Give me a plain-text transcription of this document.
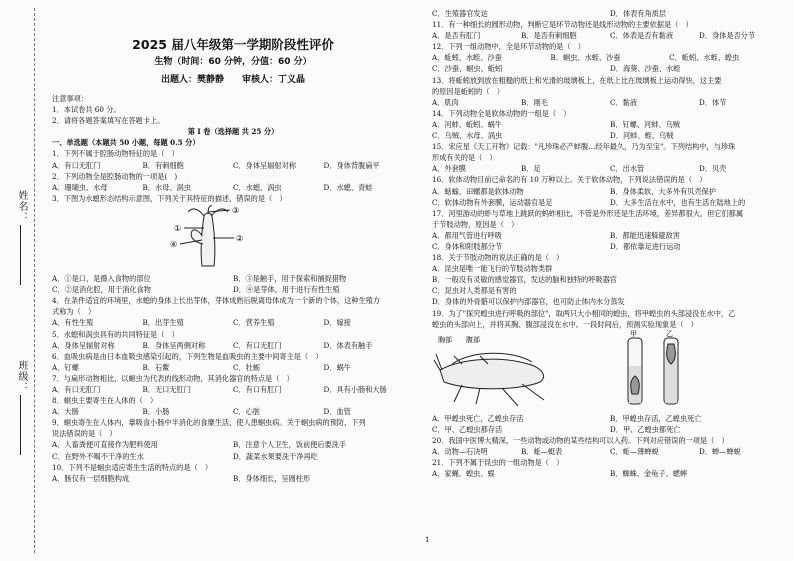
姓名：
班级：
2025 届八年级第一学期阶段性评价
生物（时间：60 分钟，分值：60 分）
出题人：樊静静　　审核人：丁义晶
注意事项：
1．本试卷共 60 分。
2．请将各题答案填写在答题卡上。
第 I 卷（选择题 共 25 分）
一、单选题（本题共 50 小题，每题 0.5 分）
1．下列不属于腔肠动物特征的是（　）
A．有口无肛门	B．有刺细胞	C．身体呈辐射对称	D．身体背腹扁平
2．下列动物全是腔肠动物的一项是(　)
A．珊瑚虫、水母	B．水母、涡虫	C．水螅、涡虫	D．水螅、青蛙
3．下图为水螅形态结构示意图，下列关于其特征的描述，错误的是（　）
①
③
②
④
A．①是口，是摄入食物的部位	B．③是触手，用于探索和捕捉猎物
C．②是消化腔，用于消化食物	D．④是芽体，用于进行有性生殖
4．在条件适宜的环境里，水螅的身体上长出芽体，芽体成熟后脱离母体成为一个新的个体，这种生殖方
式称为（　）
A．有性生殖	B．出芽生殖	C．营养生殖	D．嫁接
5．水螅和涡虫具有的共同特征是（　）
A．身体呈辐射对称	B．身体呈两侧对称	C．有口无肛门	D．体表有触手
6．血吸虫病是由日本血吸虫感染引起的，下列生物是血吸虫的主要中间寄主是（　）
A．钉螺	B．石鳖	C．牡蛎	D．蜗牛
7．与扁形动物相比，以蛔虫为代表的线形动物，其消化器官的特点是（　）
A．有口无肛门	B．无口无肛门	C．有口有肛门	D．具有小肠和大肠
8．蛔虫主要寄生在人体的（　）
A．大肠	B．小肠	C．心脏	D．血管
9．蛔虫寄生在人体内，靠吸食小肠中半消化的食糜生活，使人患蛔虫病。关于蛔虫病的预防，下列
说法错误的是（　）
A．人畜粪便可直接作为肥料使用	B．注意个人卫生，饭前便后要洗手
C．在野外不喝不干净的生水	D．蔬菜水果要洗干净再吃
10．下列不是蛔虫适应寄生生活的特点的是（　）
A．肠仅有一层细胞构成	B．身体细长，呈圆柱形
C．生殖器官发达	D．体表有角质层
11．有一种细长的圆形动物，判断它是环节动物还是线形动物的主要依据是（　）
A．是否有肛门	B．是否有刺细胞	C．体表是否有黏液	D．身体是否分节
12．下列一组动物中，全是环节动物的是（　）
A．蚯蚓、水蛭、沙蚕	B．蛔虫、水蛭、沙蚕	C．蚯蚓、水蛭、蝗虫
C．沙蚕、蛔虫、蚯蚓	D．海葵、沙蚕、水蛭
13．将蚯蚓放到放在粗糙的纸上和光滑的玻璃板上，在纸上比在玻璃板上运动得快，这主要
的原因是蚯蚓的（　）
A．肌肉	B．刚毛	C．黏液	D．体节
14．下列动物全是软体动物的一组是（　）
A．河蚌、蚯蚓、蜗牛	B．钉螺、河蚌、乌贼
C．乌贼、水母、涡虫	D．河蚌、蛭、乌贼
15．宋应星《天工开物》记载："凡珍珠必产蚌腹…经年最久，乃为至宝"。下列结构中，与珍珠
形成有关的是（　）
A．外套膜	B．足	C．出水管	D．贝壳
16．软体动物目前已命名的有 10 万种以上。关于软体动物，下列说法错误的是（　）
A．蛞蝓、田螺都是软体动物	B．身体柔软，大多外有贝壳保护
C．软体动物有外套膜，运动器官是足	D．大多生活在水中，也有生活在陆地上的
17．河里游动的虾与草地上跳跃的蚂蚱相比，不管是外形还是生活环境，差异都很大，但它们都属
于节肢动物，原因是（　）
A．都用气管进行呼吸	B．都能迅速躲避敌害
C．身体和附肢都分节	D．都依靠足进行运动
18．关于节肢动物的说法正确的是（　）
A．昆虫是唯一能飞行的节肢动物类群
B．一般没有灵敏的感觉器官，发达的脑和独特的呼吸器官
C．昆虫对人类都是有害的
D．身体的外骨骼可以保护内部器官，也可防止体内水分蒸发
19．为了"探究蝗虫进行呼吸的部位"，取两只大小相同的蝗虫，将甲蝗虫的头部浸没在水中，乙
蝗虫的头部向上，并将其胸、腹部浸没在水中。一段时间后，预测实验现象是（　）
胸部 腹部
甲	乙
A．甲蝗虫死亡，乙蝗虫存活	B．甲蝗虫存活，乙蝗虫死亡
C．甲、乙蝗虫都存活	D．甲、乙蝗虫都死亡
20．我国中医博大精深，一些动物或动物的某些结构可以入药。下列对应错误的一项是（　）
A．动物—石决明	B．蚯—蜓表	C．蚯—薄蝉蜕	D．蝉—蝉蜕
21．下列不属于昆虫的一组动物是（　）
A．家蝇、蝗虫、蜈	B．蜘蛛、金龟子、蟋蟀
1
